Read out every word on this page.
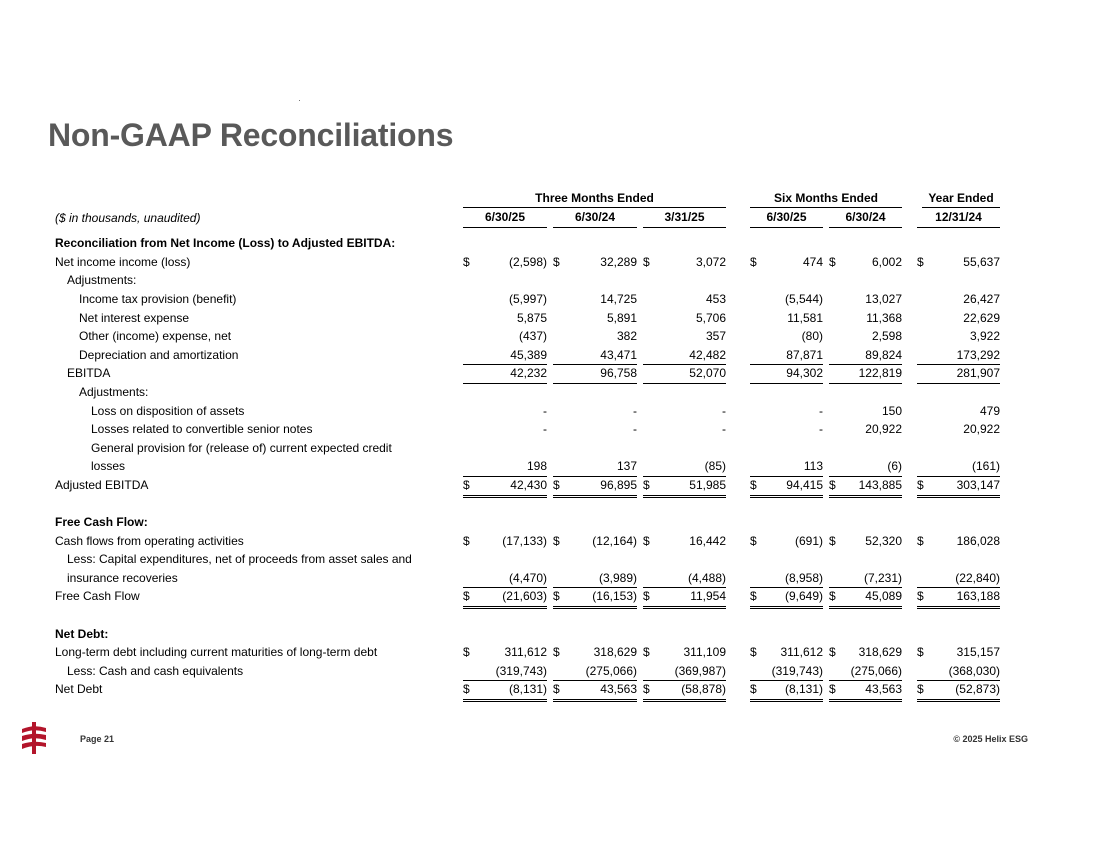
Non-GAAP Reconciliations
Three Months Ended	Six Months Ended	Year Ended
($ in thousands, unaudited)	6/30/25	6/30/24	3/31/25	6/30/25	6/30/24	12/31/24
Reconciliation from Net Income (Loss) to Adjusted EBITDA:
Net income income (loss)	$	(2,598) $	32,289 $	3,072 $	474 $	6,002 $	55,637
Adjustments:
Income tax provision (benefit)	(5,997)	14,725	453	(5,544)	13,027	26,427
Net interest expense	5,875	5,891	5,706	11,581	11,368	22,629
Other (income) expense, net	(437)	382	357	(80)	2,598	3,922
Depreciation and amortization	45,389	43,471	42,482	87,871	89,824	173,292
EBITDA	42,232	96,758	52,070	94,302	122,819	281,907
Adjustments:
Loss on disposition of assets	-	-	-	-	150	479
Losses related to convertible senior notes	-	-	-	-	20,922	20,922
General provision for (release of) current expected credit
losses	198	137	(85)	113	(6)	(161)
Adjusted EBITDA	$	42,430 $	96,895 $	51,985 $ 94,415 $ 143,885 $	303,147
Free Cash Flow:
Cash flows from operating activities	$	(17,133) $	(12,164) $	16,442 $	(691) $ 52,320 $	186,028
Less: Capital expenditures, net of proceeds from asset sales and
insurance recoveries	(4,470)	(3,989)	(4,488)	(8,958)	(7,231)	(22,840)
Free Cash Flow	$	(21,603) $	(16,153) $	11,954 $ (9,649) $ 45,089 $	163,188
Net Debt:
Long-term debt including current maturities of long-term debt	$	311,612 $	318,629 $	311,109 $ 311,612 $ 318,629 $	315,157
Less: Cash and cash equivalents	(319,743)	(275,066)	(369,987)	(319,743) (275,066)	(368,030)
Net Debt	$	(8,131) $	43,563 $	(58,878) $ (8,131) $ 43,563 $	(52,873)
Page 21	© 2025 Helix ESG
